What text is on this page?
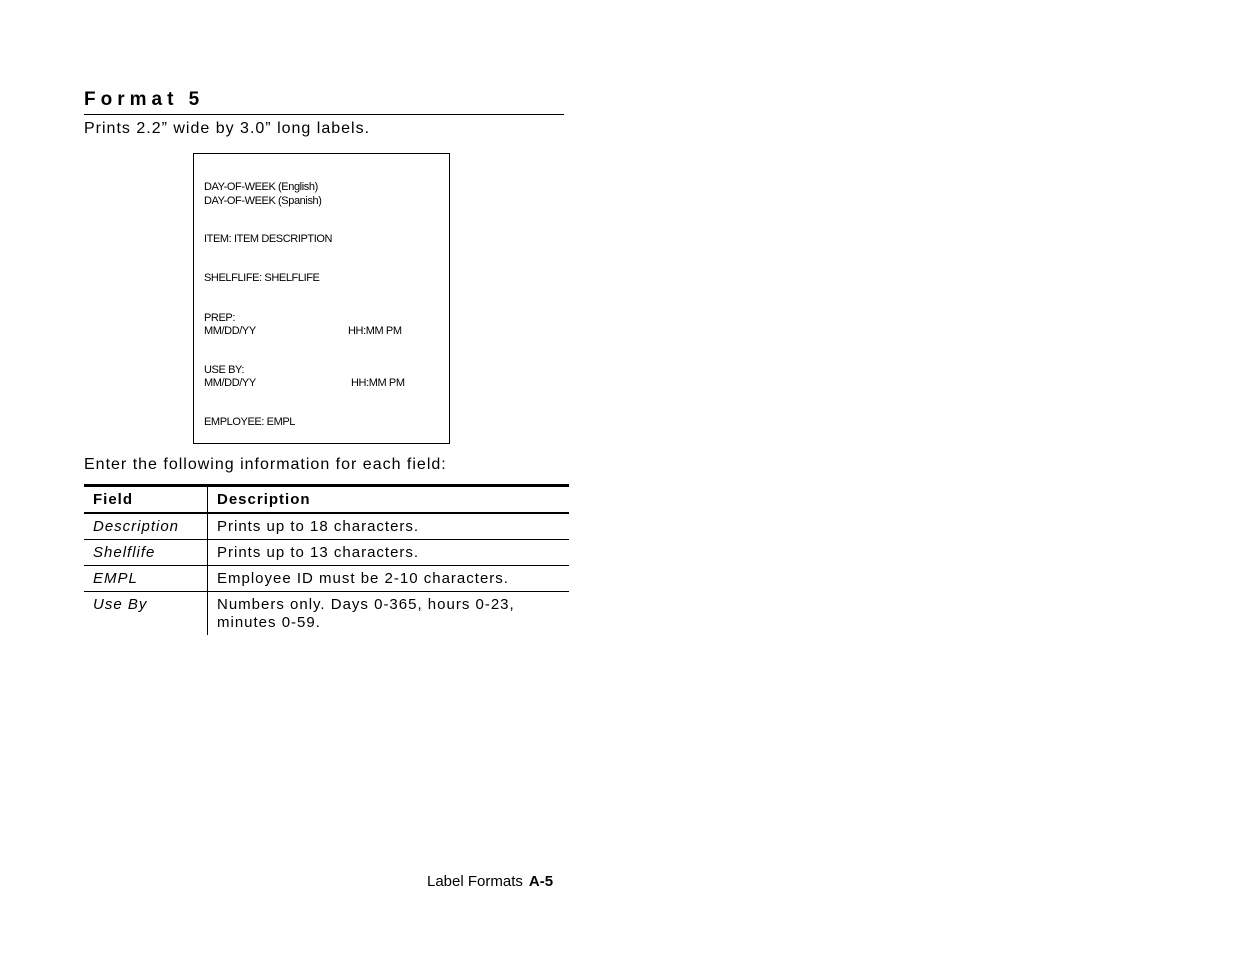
Format 5

Prints 2.2” wide by 3.0” long labels.

DAY-OF-WEEK (English)
DAY-OF-WEEK (Spanish)
ITEM: ITEM DESCRIPTION
SHELFLIFE: SHELFLIFE
PREP:
MM/DD/YY	HH:MM PM
USE BY:
MM/DD/YY	HH:MM PM
EMPLOYEE: EMPL

Enter the following information for each field:

Field	Description
Description	Prints up to 18 characters.
Shelflife	Prints up to 13 characters.
EMPL	Employee ID must be 2-10 characters.
Use By	Numbers only. Days 0-365, hours 0-23, minutes 0-59.
Label Formats A-5
